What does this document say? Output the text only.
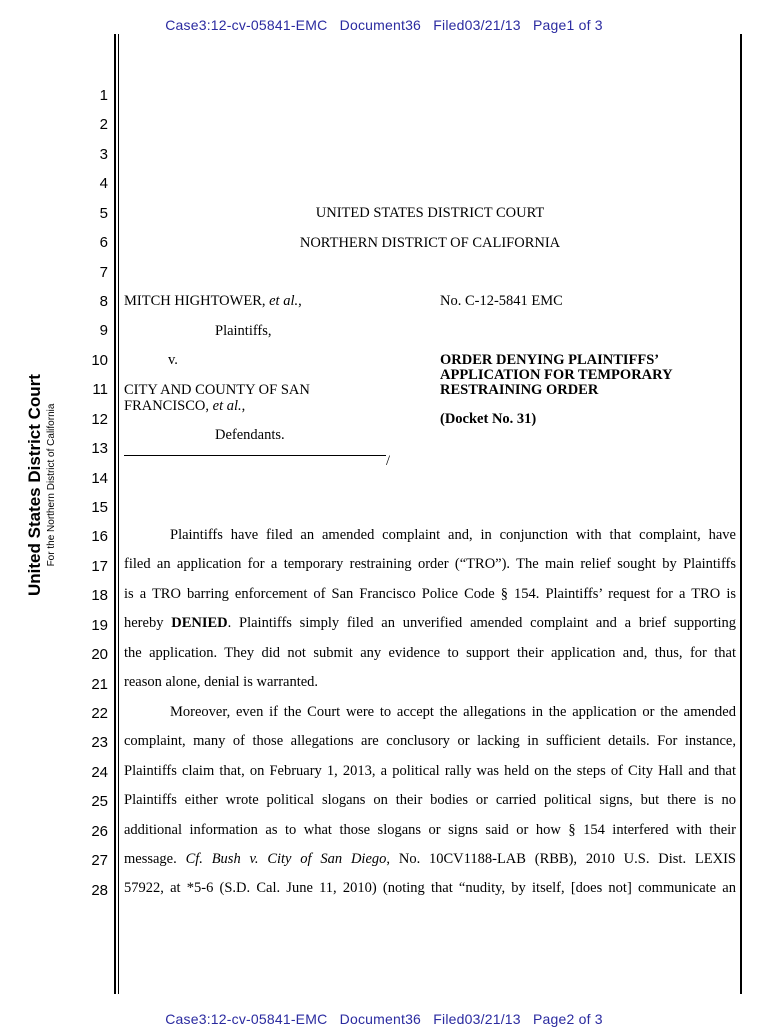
Case3:12-cv-05841-EMC   Document36   Filed03/21/13   Page1 of 3
United States District Court For the Northern District of California
1
2
3
4
5
6
7
8
9
10
11
12
13
14
15
16
17
18
19
20
21
22
23
24
25
26
27
28
UNITED STATES DISTRICT COURT
NORTHERN DISTRICT OF CALIFORNIA
MITCH HIGHTOWER, et al.,
Plaintiffs,
v.
CITY AND COUNTY OF SAN
FRANCISCO, et al.,
Defendants.
/
No. C-12-5841 EMC
ORDER DENYING PLAINTIFFS’
APPLICATION FOR TEMPORARY
RESTRAINING ORDER
(Docket No. 31)
Plaintiffs have filed an amended complaint and, in conjunction with that complaint, have
filed an application for a temporary restraining order (“TRO”). The main relief sought by Plaintiffs
is a TRO barring enforcement of San Francisco Police Code § 154. Plaintiffs’ request for a TRO is
hereby DENIED. Plaintiffs simply filed an unverified amended complaint and a brief supporting
the application. They did not submit any evidence to support their application and, thus, for that
reason alone, denial is warranted.
Moreover, even if the Court were to accept the allegations in the application or the amended
complaint, many of those allegations are conclusory or lacking in sufficient details. For instance,
Plaintiffs claim that, on February 1, 2013, a political rally was held on the steps of City Hall and that
Plaintiffs either wrote political slogans on their bodies or carried political signs, but there is no
additional information as to what those slogans or signs said or how § 154 interfered with their
message. Cf. Bush v. City of San Diego, No. 10CV1188-LAB (RBB), 2010 U.S. Dist. LEXIS
57922, at *5-6 (S.D. Cal. June 11, 2010) (noting that “nudity, by itself, [does not] communicate an
Case3:12-cv-05841-EMC   Document36   Filed03/21/13   Page2 of 3
